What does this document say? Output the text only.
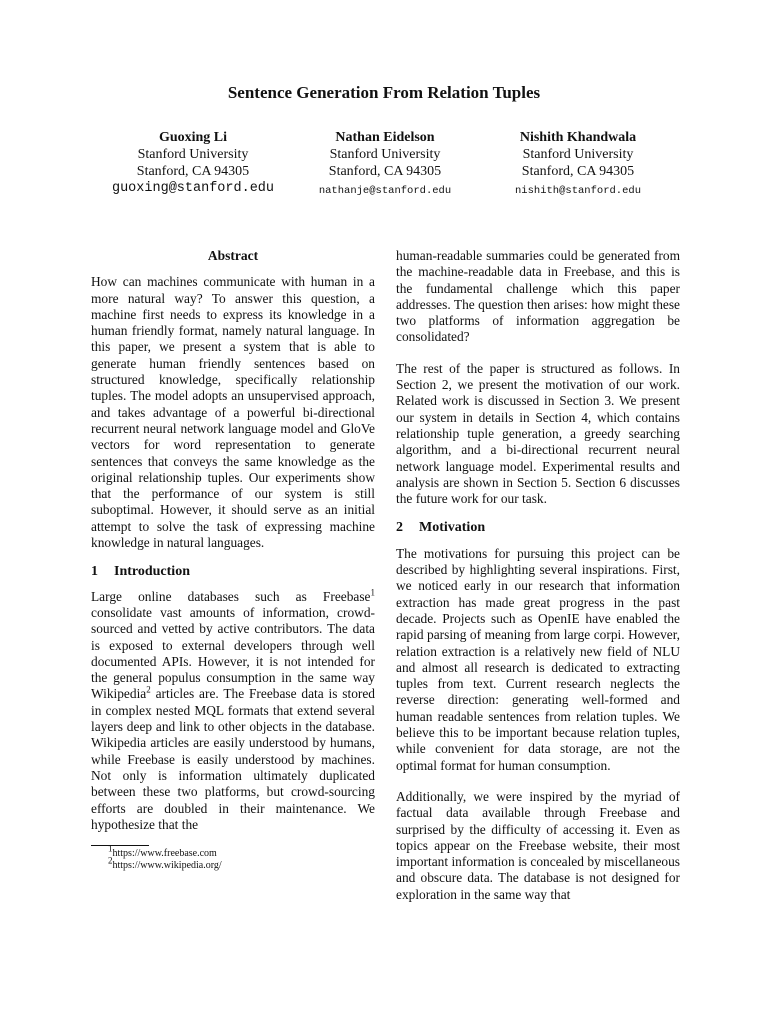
Sentence Generation From Relation Tuples
Guoxing Li
Stanford University
Stanford, CA 94305
guoxing@stanford.edu
Nathan Eidelson
Stanford University
Stanford, CA 94305
nathanje@stanford.edu
Nishith Khandwala
Stanford University
Stanford, CA 94305
nishith@stanford.edu
Abstract

How can machines communicate with human in a more natural way? To answer this question, a machine first needs to express its knowledge in a human friendly format, namely natural language. In this paper, we present a system that is able to generate human friendly sentences based on structured knowledge, specifically relationship tuples. The model adopts an unsupervised approach, and takes advantage of a powerful bi-directional recurrent neural network language model and GloVe vectors for word representation to generate sentences that conveys the same knowledge as the original relationship tuples. Our experiments show that the performance of our system is still suboptimal. However, it should serve as an initial attempt to solve the task of expressing machine knowledge in natural languages.

1 Introduction

Large online databases such as Freebase$^1$ consolidate vast amounts of information, crowd-sourced and vetted by active contributors. The data is exposed to external developers through well documented APIs. However, it is not intended for the general populus consumption in the same way Wikipedia$^2$ articles are. The Freebase data is stored in complex nested MQL formats that extend several layers deep and link to other objects in the database. Wikipedia articles are easily understood by humans, while Freebase is easily understood by machines. Not only is information ultimately duplicated between these two platforms, but crowd-sourcing efforts are doubled in their maintenance. We hypothesize that the

$^1$https://www.freebase.com
$^2$https://www.wikipedia.org/

human-readable summaries could be generated from the machine-readable data in Freebase, and this is the fundamental challenge which this paper addresses. The question then arises: how might these two platforms of information aggregation be consolidated?

The rest of the paper is structured as follows. In Section 2, we present the motivation of our work. Related work is discussed in Section 3. We present our system in details in Section 4, which contains relationship tuple generation, a greedy searching algorithm, and a bi-directional recurrent neural network language model. Experimental results and analysis are shown in Section 5. Section 6 discusses the future work for our task.

2 Motivation

The motivations for pursuing this project can be described by highlighting several inspirations. First, we noticed early in our research that information extraction has made great progress in the past decade. Projects such as OpenIE have enabled the rapid parsing of meaning from large corpi. However, relation extraction is a relatively new field of NLU and almost all research is dedicated to extracting tuples from text. Current research neglects the reverse direction: generating well-formed and human readable sentences from relation tuples. We believe this to be important because relation tuples, while convenient for data storage, are not the optimal format for human consumption.

Additionally, we were inspired by the myriad of factual data available through Freebase and surprised by the difficulty of accessing it. Even as topics appear on the Freebase website, their most important information is concealed by miscellaneous and obscure data. The database is not designed for exploration in the same way that
